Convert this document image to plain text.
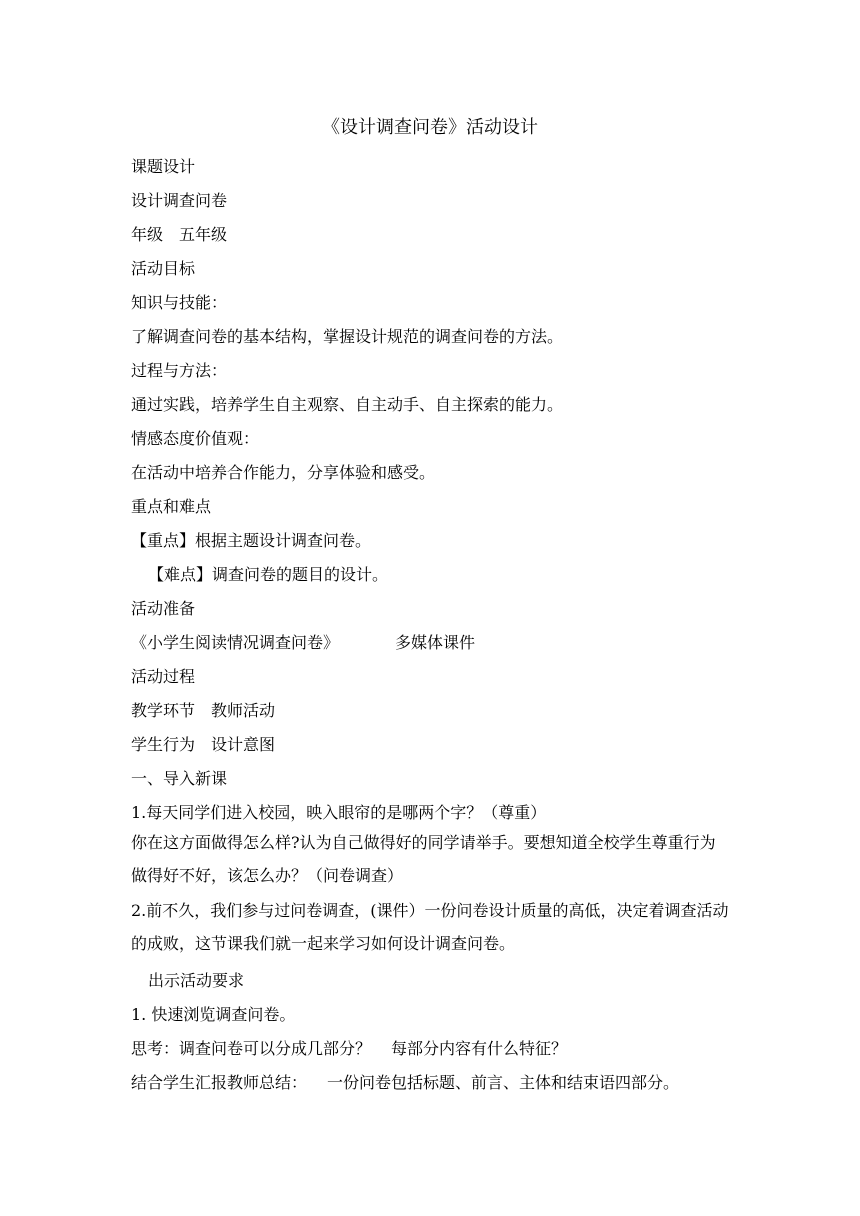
《设计调查问卷》活动设计
课题设计
设计调查问卷
年级 五年级
活动目标
知识与技能：
了解调查问卷的基本结构，掌握设计规范的调查问卷的方法。
过程与方法：
通过实践，培养学生自主观察、自主动手、自主探索的能力。
情感态度价值观：
在活动中培养合作能力，分享体验和感受。
重点和难点
【重点】根据主题设计调查问卷。
【难点】调查问卷的题目的设计。
活动准备
《小学生阅读情况调查问卷》	多媒体课件
活动过程
教学环节 教师活动
学生行为 设计意图
一、导入新课
1.每天同学们进入校园，映入眼帘的是哪两个字？（尊重）
你在这方面做得怎么样?认为自己做得好的同学请举手。要想知道全校学生尊重行为做得好不好，该怎么办？（问卷调查）
2.前不久，我们参与过问卷调查，(课件）一份问卷设计质量的高低，决定着调查活动的成败，这节课我们就一起来学习如何设计调查问卷。
出示活动要求
1. 快速浏览调查问卷。
思考：调查问卷可以分成几部分？ 每部分内容有什么特征？
结合学生汇报教师总结： 一份问卷包括标题、前言、主体和结束语四部分。
